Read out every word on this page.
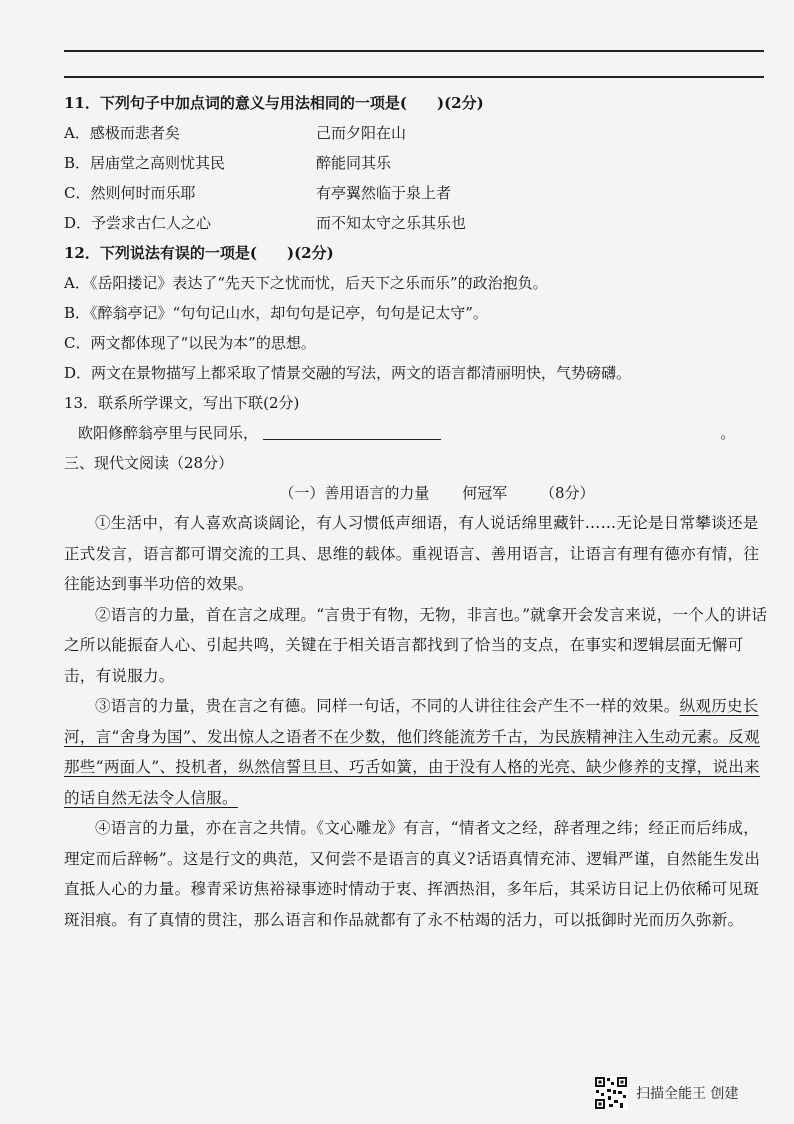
11．下列句子中加点词的意义与用法相同的一项是(　　)(2分)
A．感极而悲者矣	己而夕阳在山
B．居庙堂之高则忧其民	醉能同其乐
C．然则何时而乐耶	有亭翼然临于泉上者
D．予尝求古仁人之心	而不知太守之乐其乐也
12．下列说法有误的一项是(　　)(2分)
A．《岳阳搂记》表达了“先天下之忧而忧，后天下之乐而乐”的政治抱负。
B．《醉翁亭记》“句句记山水，却句句是记亭，句句是记太守”。
C．两文都体现了“以民为本”的思想。
D．两文在景物描写上都采取了情景交融的写法，两文的语言都清丽明快，气势磅礴。
13．联系所学课文，写出下联(2分)
欧阳修醉翁亭里与民同乐，	。
三、现代文阅读（28分）
（一）善用语言的力量 何冠军 （8分）
①生活中，有人喜欢高谈阔论，有人习惯低声细语，有人说话绵里藏针……无论是日常攀谈还是正式发言，语言都可谓交流的工具、思维的载体。重视语言、善用语言，让语言有理有德亦有情，往往能达到事半功倍的效果。
②语言的力量，首在言之成理。“言贵于有物，无物，非言也。”就拿开会发言来说，一个人的讲话之所以能振奋人心、引起共鸣，关键在于相关语言都找到了恰当的支点，在事实和逻辑层面无懈可击，有说服力。
③语言的力量，贵在言之有德。同样一句话，不同的人讲往往会产生不一样的效果。纵观历史长河，言“舍身为国”、发出惊人之语者不在少数，他们终能流芳千古，为民族精神注入生动元素。反观那些“两面人”、投机者，纵然信誓旦旦、巧舌如簧，由于没有人格的光亮、缺少修养的支撑，说出来的话自然无法令人信服。
④语言的力量，亦在言之共情。《文心雕龙》有言，“情者文之经，辞者理之纬；经正而后纬成，理定而后辞畅”。这是行文的典范，又何尝不是语言的真义?话语真情充沛、逻辑严谨，自然能生发出直抵人心的力量。穆青采访焦裕禄事迹时情动于衷、挥洒热泪，多年后，其采访日记上仍依稀可见斑斑泪痕。有了真情的贯注，那么语言和作品就都有了永不枯竭的活力，可以抵御时光而历久弥新。
扫描全能王 创建
